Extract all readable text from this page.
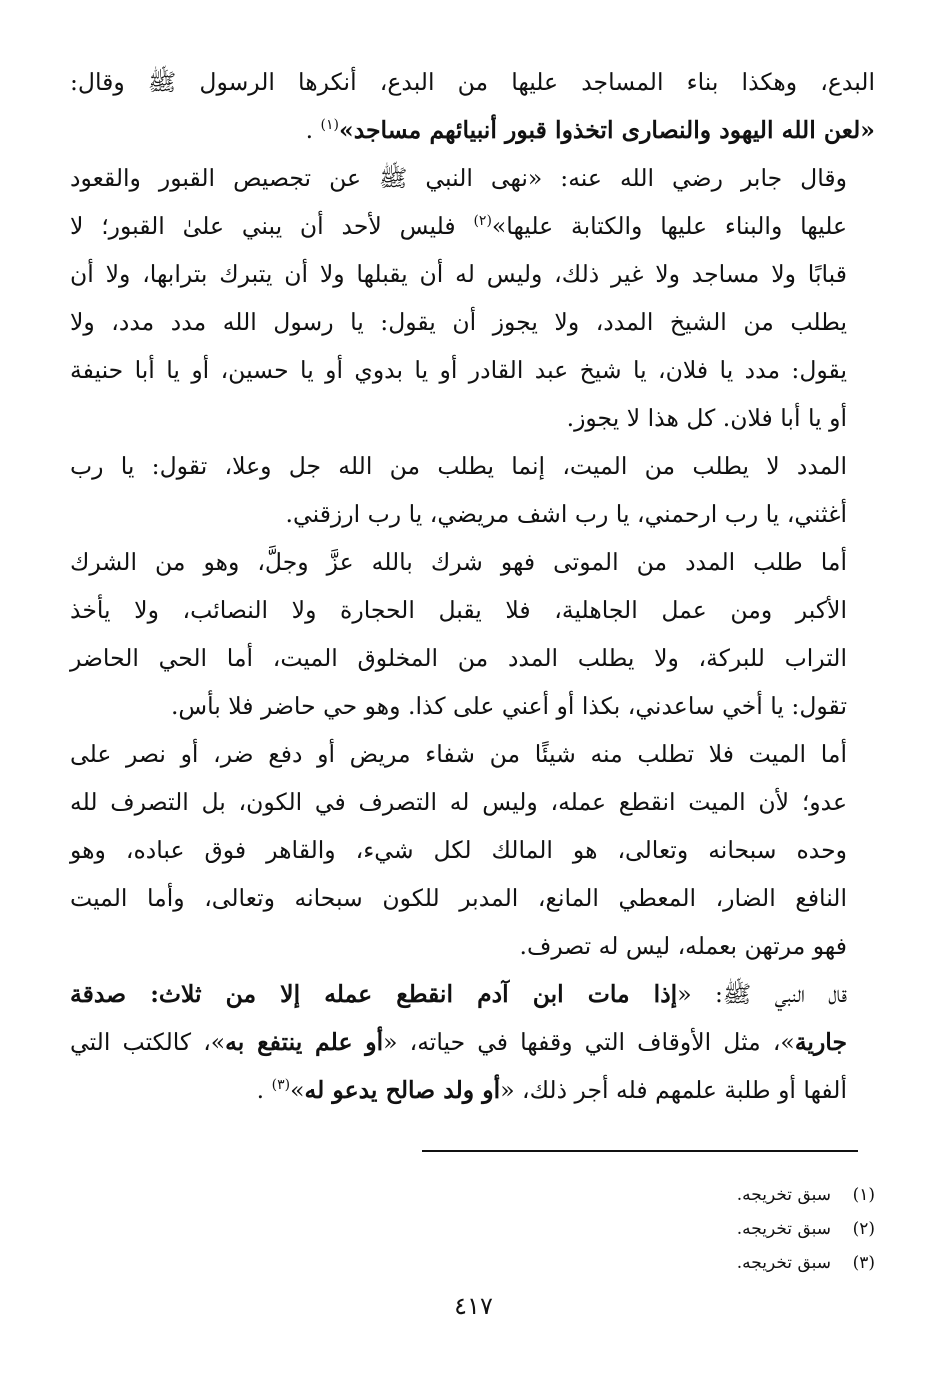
البدع، وهكذا بناء المساجد عليها من البدع، أنكرها الرسول ﷺ وقال:
«لعن الله اليهود والنصارى اتخذوا قبور أنبيائهم مساجد»$^{(١)}$ .

وقال جابر رضي الله عنه: «نهى النبي ﷺ عن تجصيص القبور والقعود
عليها والبناء عليها والكتابة عليها»$^{(٢)}$ فليس لأحد أن يبني علىٰ القبور؛ لا
قبابًا ولا مساجد ولا غير ذلك، وليس له أن يقبلها ولا أن يتبرك بترابها، ولا أن
يطلب من الشيخ المدد، ولا يجوز أن يقول: يا رسول الله مدد مدد، ولا
يقول: مدد يا فلان، يا شيخ عبد القادر أو يا بدوي أو يا حسين، أو يا أبا حنيفة
أو يا أبا فلان. كل هذا لا يجوز.

المدد لا يطلب من الميت، إنما يطلب من الله جل وعلا، تقول: يا رب
أغثني، يا رب ارحمني، يا رب اشف مريضي، يا رب ارزقني.

أما طلب المدد من الموتى فهو شرك بالله عزَّ وجلَّ، وهو من الشرك
الأكبر ومن عمل الجاهلية، فلا يقبل الحجارة ولا النصائب، ولا يأخذ
التراب للبركة، ولا يطلب المدد من المخلوق الميت، أما الحي الحاضر
تقول: يا أخي ساعدني، بكذا أو أعني على كذا. وهو حي حاضر فلا بأس.

أما الميت فلا تطلب منه شيئًا من شفاء مريض أو دفع ضر، أو نصر على
عدو؛ لأن الميت انقطع عمله، وليس له التصرف في الكون، بل التصرف لله
وحده سبحانه وتعالى، هو المالك لكل شيء، والقاهر فوق عباده، وهو
النافع الضار، المعطي المانع، المدبر للكون سبحانه وتعالى، وأما الميت
فهو مرتهن بعمله، ليس له تصرف.

قال النبي ﷺ: «إذا مات ابن آدم انقطع عمله إلا من ثلاث: صدقة
جارية»، مثل الأوقاف التي وقفها في حياته، «أو علم ينتفع به»، كالكتب التي
ألفها أو طلبة علمهم فله أجر ذلك، «أو ولد صالح يدعو له»$^{(٣)}$ .

(١)سبق تخريجه.
(٢)سبق تخريجه.
(٣)سبق تخريجه.
٤١٧
